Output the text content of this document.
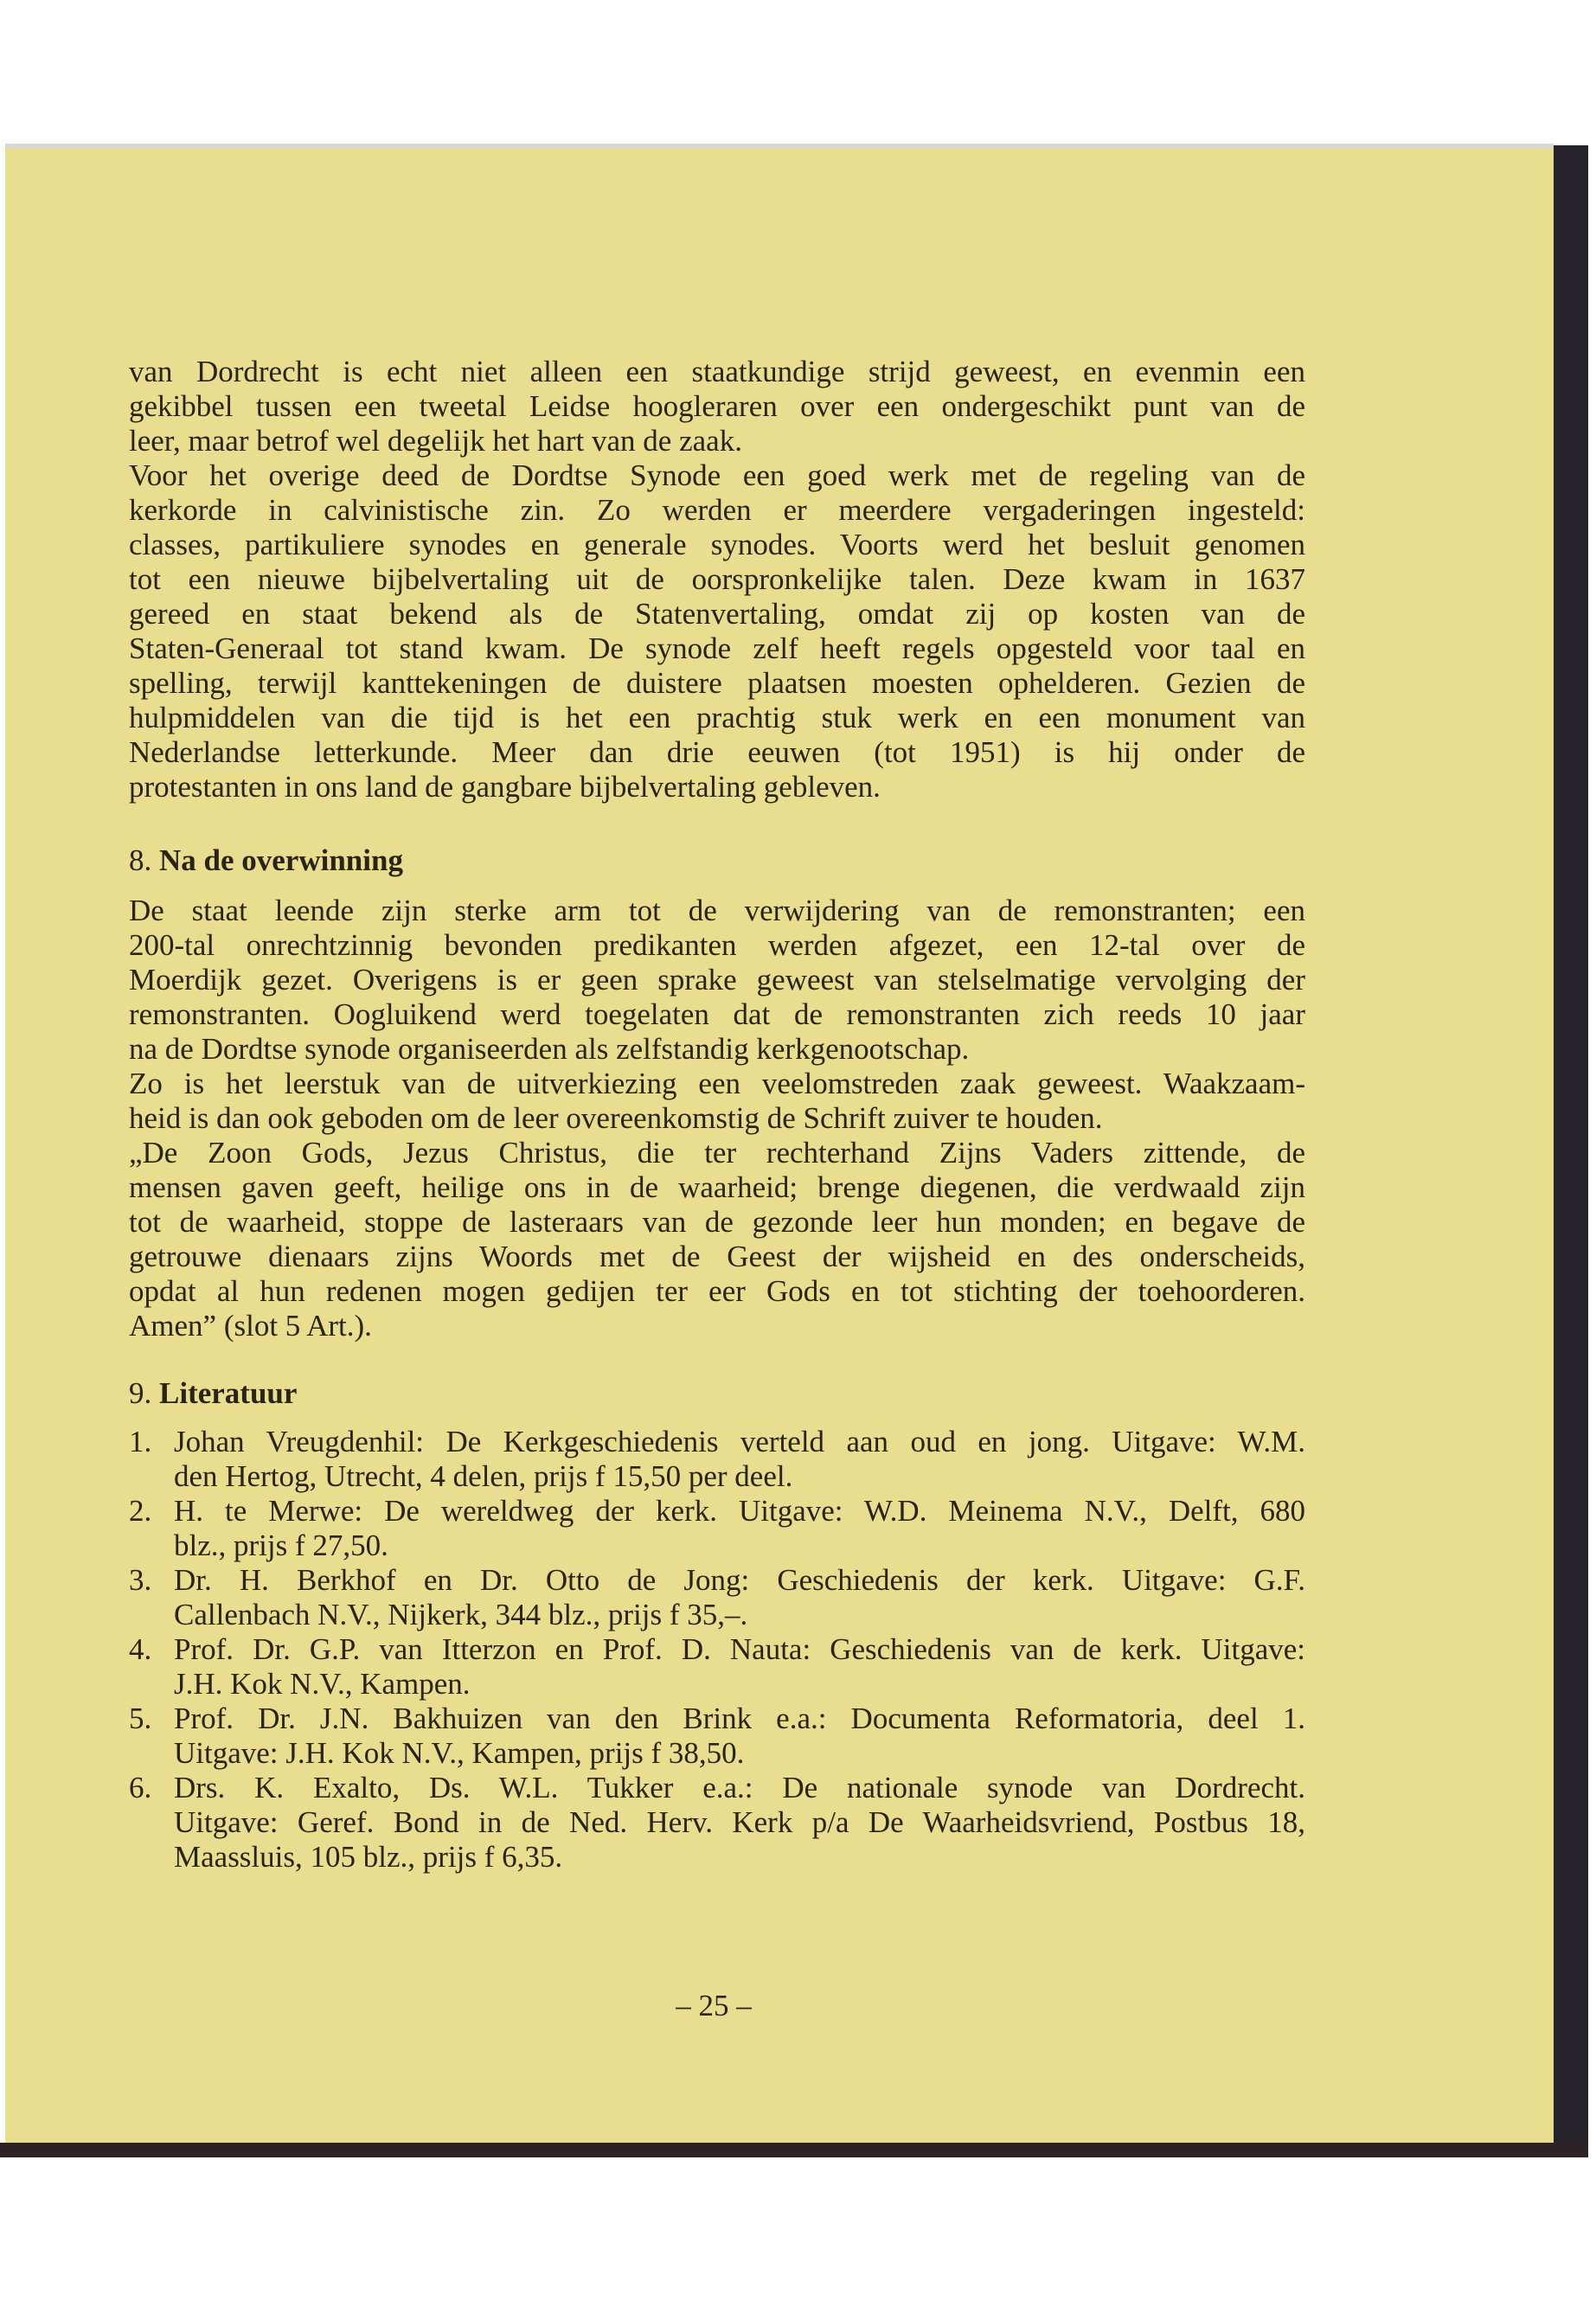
van Dordrecht is echt niet alleen een staatkundige strijd geweest, en evenmin een
gekibbel tussen een tweetal Leidse hoogleraren over een ondergeschikt punt van de
leer, maar betrof wel degelijk het hart van de zaak.
Voor het overige deed de Dordtse Synode een goed werk met de regeling van de
kerkorde in calvinistische zin. Zo werden er meerdere vergaderingen ingesteld:
classes, partikuliere synodes en generale synodes. Voorts werd het besluit genomen
tot een nieuwe bijbelvertaling uit de oorspronkelijke talen. Deze kwam in 1637
gereed en staat bekend als de Statenvertaling, omdat zij op kosten van de
Staten-Generaal tot stand kwam. De synode zelf heeft regels opgesteld voor taal en
spelling, terwijl kanttekeningen de duistere plaatsen moesten ophelderen. Gezien de
hulpmiddelen van die tijd is het een prachtig stuk werk en een monument van
Nederlandse letterkunde. Meer dan drie eeuwen (tot 1951) is hij onder de
protestanten in ons land de gangbare bijbelvertaling gebleven.
8. Na de overwinning
De staat leende zijn sterke arm tot de verwijdering van de remonstranten; een
200-tal onrechtzinnig bevonden predikanten werden afgezet, een 12-tal over de
Moerdijk gezet. Overigens is er geen sprake geweest van stelselmatige vervolging der
remonstranten. Oogluikend werd toegelaten dat de remonstranten zich reeds 10 jaar
na de Dordtse synode organiseerden als zelfstandig kerkgenootschap.
Zo is het leerstuk van de uitverkiezing een veelomstreden zaak geweest. Waakzaam-
heid is dan ook geboden om de leer overeenkomstig de Schrift zuiver te houden.
„De Zoon Gods, Jezus Christus, die ter rechterhand Zijns Vaders zittende, de
mensen gaven geeft, heilige ons in de waarheid; brenge diegenen, die verdwaald zijn
tot de waarheid, stoppe de lasteraars van de gezonde leer hun monden; en begave de
getrouwe dienaars zijns Woords met de Geest der wijsheid en des onderscheids,
opdat al hun redenen mogen gedijen ter eer Gods en tot stichting der toehoorderen.
Amen” (slot 5 Art.).
9. Literatuur
1. Johan Vreugdenhil: De Kerkgeschiedenis verteld aan oud en jong. Uitgave: W.M.
den Hertog, Utrecht, 4 delen, prijs f 15,50 per deel.
2. H. te Merwe: De wereldweg der kerk. Uitgave: W.D. Meinema N.V., Delft, 680
blz., prijs f 27,50.
3. Dr. H. Berkhof en Dr. Otto de Jong: Geschiedenis der kerk. Uitgave: G.F.
Callenbach N.V., Nijkerk, 344 blz., prijs f 35,–.
4. Prof. Dr. G.P. van Itterzon en Prof. D. Nauta: Geschiedenis van de kerk. Uitgave:
J.H. Kok N.V., Kampen.
5. Prof. Dr. J.N. Bakhuizen van den Brink e.a.: Documenta Reformatoria, deel 1.
Uitgave: J.H. Kok N.V., Kampen, prijs f 38,50.
6. Drs. K. Exalto, Ds. W.L. Tukker e.a.: De nationale synode van Dordrecht.
Uitgave: Geref. Bond in de Ned. Herv. Kerk p/a De Waarheidsvriend, Postbus 18,
Maassluis, 105 blz., prijs f 6,35.
– 25 –
